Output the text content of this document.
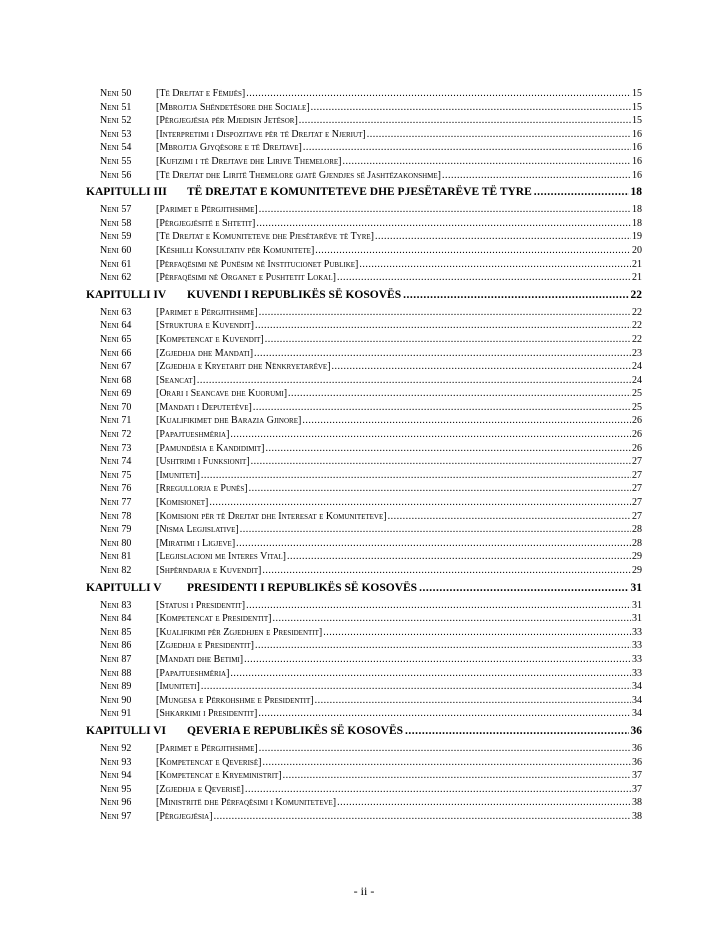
Neni 50	[Të Drejtat e Fëmijës] .....	15
Neni 51	[Mbrojtja Shëndetësore dhe Sociale] .....	15
Neni 52	[Përgjegjësia për Mjedisin Jetësor] .....	15
Neni 53	[Interpretimi i Dispozitave për të Drejtat e Njeriut] .....	16
Neni 54	[Mbrojtja Gjyqësore e të Drejtave] .....	16
Neni 55	[Kufizimi i të Drejtave dhe Lirive Themelore] .....	16
Neni 56	[Të Drejtat dhe Liritë Themelore gjatë Gjendjes së Jashtëzakonshme] .....	16
KAPITULLI III	TË DREJTAT E KOMUNITETEVE DHE PJESËTARËVE TË TYRE .....	18
Neni 57	[Parimet e Përgjithshme] .....	18
Neni 58	[Përgjegjësitë e Shtetit] .....	18
Neni 59	[Të Drejtat e Komuniteteve dhe Pjesëtarëve të Tyre] .....	19
Neni 60	[Këshilli Konsultativ për Komunitete] .....	20
Neni 61	[Përfaqësimi në Punësim në Institucionet Publike] .....	21
Neni 62	[Përfaqësimi në Organet e Pushtetit Lokal] .....	21
KAPITULLI IV	KUVENDI I REPUBLIKËS SË KOSOVËS .....	22
Neni 63	[Parimet e Përgjithshme] .....	22
Neni 64	[Struktura e Kuvendit] .....	22
Neni 65	[Kompetencat e Kuvendit] .....	22
Neni 66	[Zgjedhja dhe Mandati] .....	23
Neni 67	[Zgjedhja e Kryetarit dhe Nënkryetarëve] .....	24
Neni 68	[Seancat] .....	24
Neni 69	[Orari i Seancave dhe Kuorumi] .....	25
Neni 70	[Mandati i Deputetëve] .....	25
Neni 71	[Kualifikimet dhe Barazia Gjinore] .....	26
Neni 72	[Papajtueshmëria] .....	26
Neni 73	[Pamundësia e Kandidimit] .....	26
Neni 74	[Ushtrimi i Funksionit] .....	27
Neni 75	[Imuniteti] .....	27
Neni 76	[Rregullorja e Punës] .....	27
Neni 77	[Komisionet] .....	27
Neni 78	[Komisioni për të Drejtat dhe Interesat e Komuniteteve] .....	27
Neni 79	[Nisma Legjislative] .....	28
Neni 80	[Miratimi i Ligjeve] .....	28
Neni 81	[Legjislacioni me Interes Vital] .....	29
Neni 82	[Shpërndarja e Kuvendit] .....	29
KAPITULLI V	PRESIDENTI I REPUBLIKËS SË KOSOVËS .....	31
Neni 83	[Statusi i Presidentit] .....	31
Neni 84	[Kompetencat e Presidentit] .....	31
Neni 85	[Kualifikimi për Zgjedhjen e Presidentit] .....	33
Neni 86	[Zgjedhja e Presidentit] .....	33
Neni 87	[Mandati dhe Betimi] .....	33
Neni 88	[Papajtueshmëria] .....	33
Neni 89	[Imuniteti] .....	34
Neni 90	[Mungesa e Përkohshme e Presidentit] .....	34
Neni 91	[Shkarkimi i Presidentit] .....	34
KAPITULLI VI	QEVERIA E REPUBLIKËS SË KOSOVËS .....	36
Neni 92	[Parimet e Përgjithshme] .....	36
Neni 93	[Kompetencat e Qeverisë] .....	36
Neni 94	[Kompetencat e Kryeministrit] .....	37
Neni 95	[Zgjedhja e Qeverisë] .....	37
Neni 96	[Ministritë dhe Përfaqësimi i Komuniteteve] .....	38
Neni 97	[Përgjegjësia] .....	38
- ii -
